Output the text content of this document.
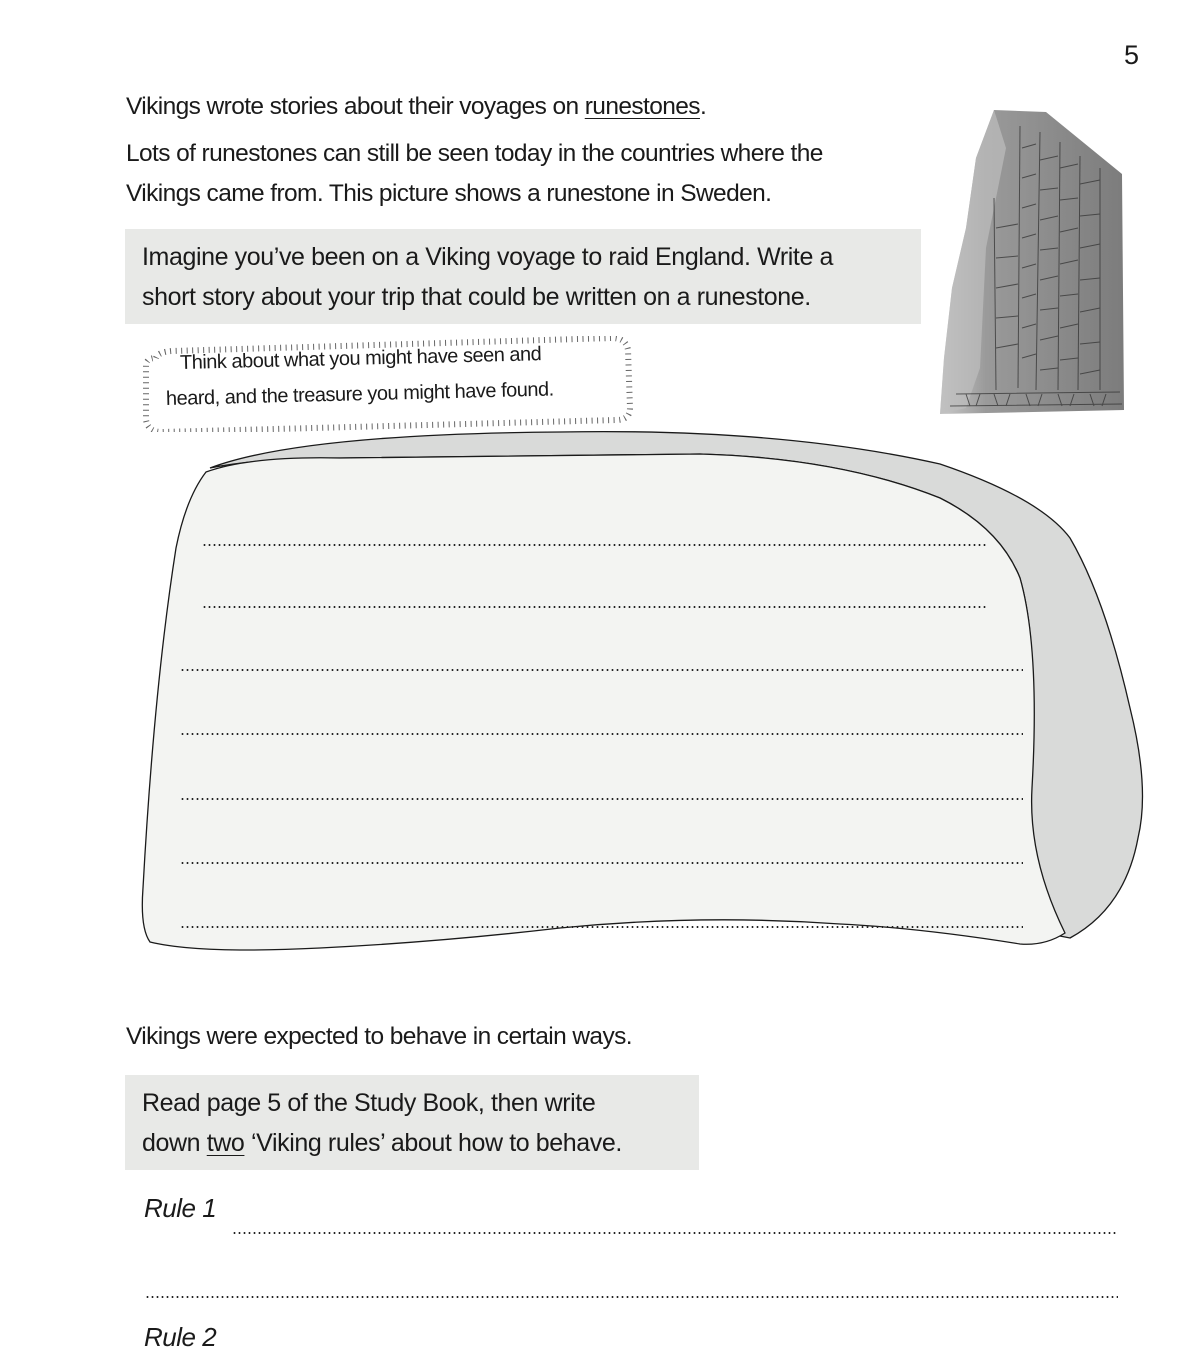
5
Vikings wrote stories about their voyages on runestones.
Lots of runestones can still be seen today in the countries where the
Vikings came from. This picture shows a runestone in Sweden.
Imagine you’ve been on a Viking voyage to raid England. Write a
short story about your trip that could be written on a runestone.
Think about what you might have seen and
heard, and the treasure you might have found.
Vikings were expected to behave in certain ways.
Read page 5 of the Study Book, then write
down two ‘Viking rules’ about how to behave.
Rule 1
Rule 2
